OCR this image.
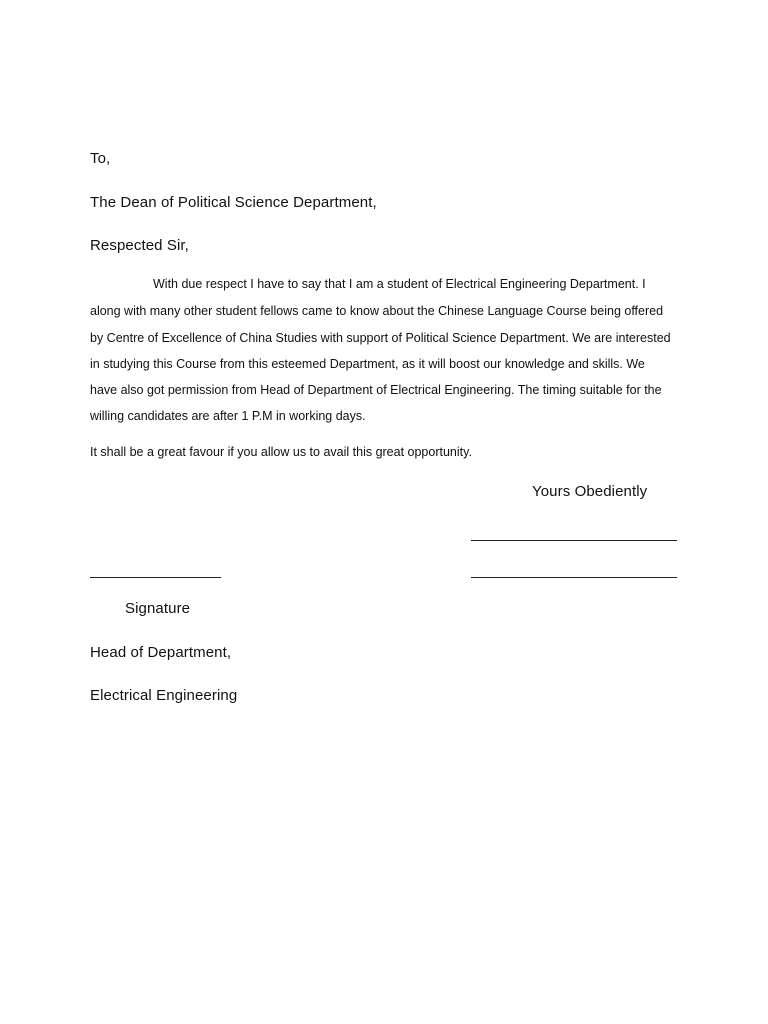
To,
The Dean of Political Science Department,
Respected Sir,
With due respect I have to say that I am a student of Electrical Engineering Department. I
along with many other student fellows came to know about the Chinese Language Course being offered
by Centre of Excellence of China Studies with support of Political Science Department. We are interested
in studying this Course from this esteemed Department, as it will boost our knowledge and skills. We
have also got permission from Head of Department of Electrical Engineering. The timing suitable for the
willing candidates are after 1 P.M in working days.
It shall be a great favour if you allow us to avail this great opportunity.
Yours Obediently
Signature
Head of Department,
Electrical Engineering
